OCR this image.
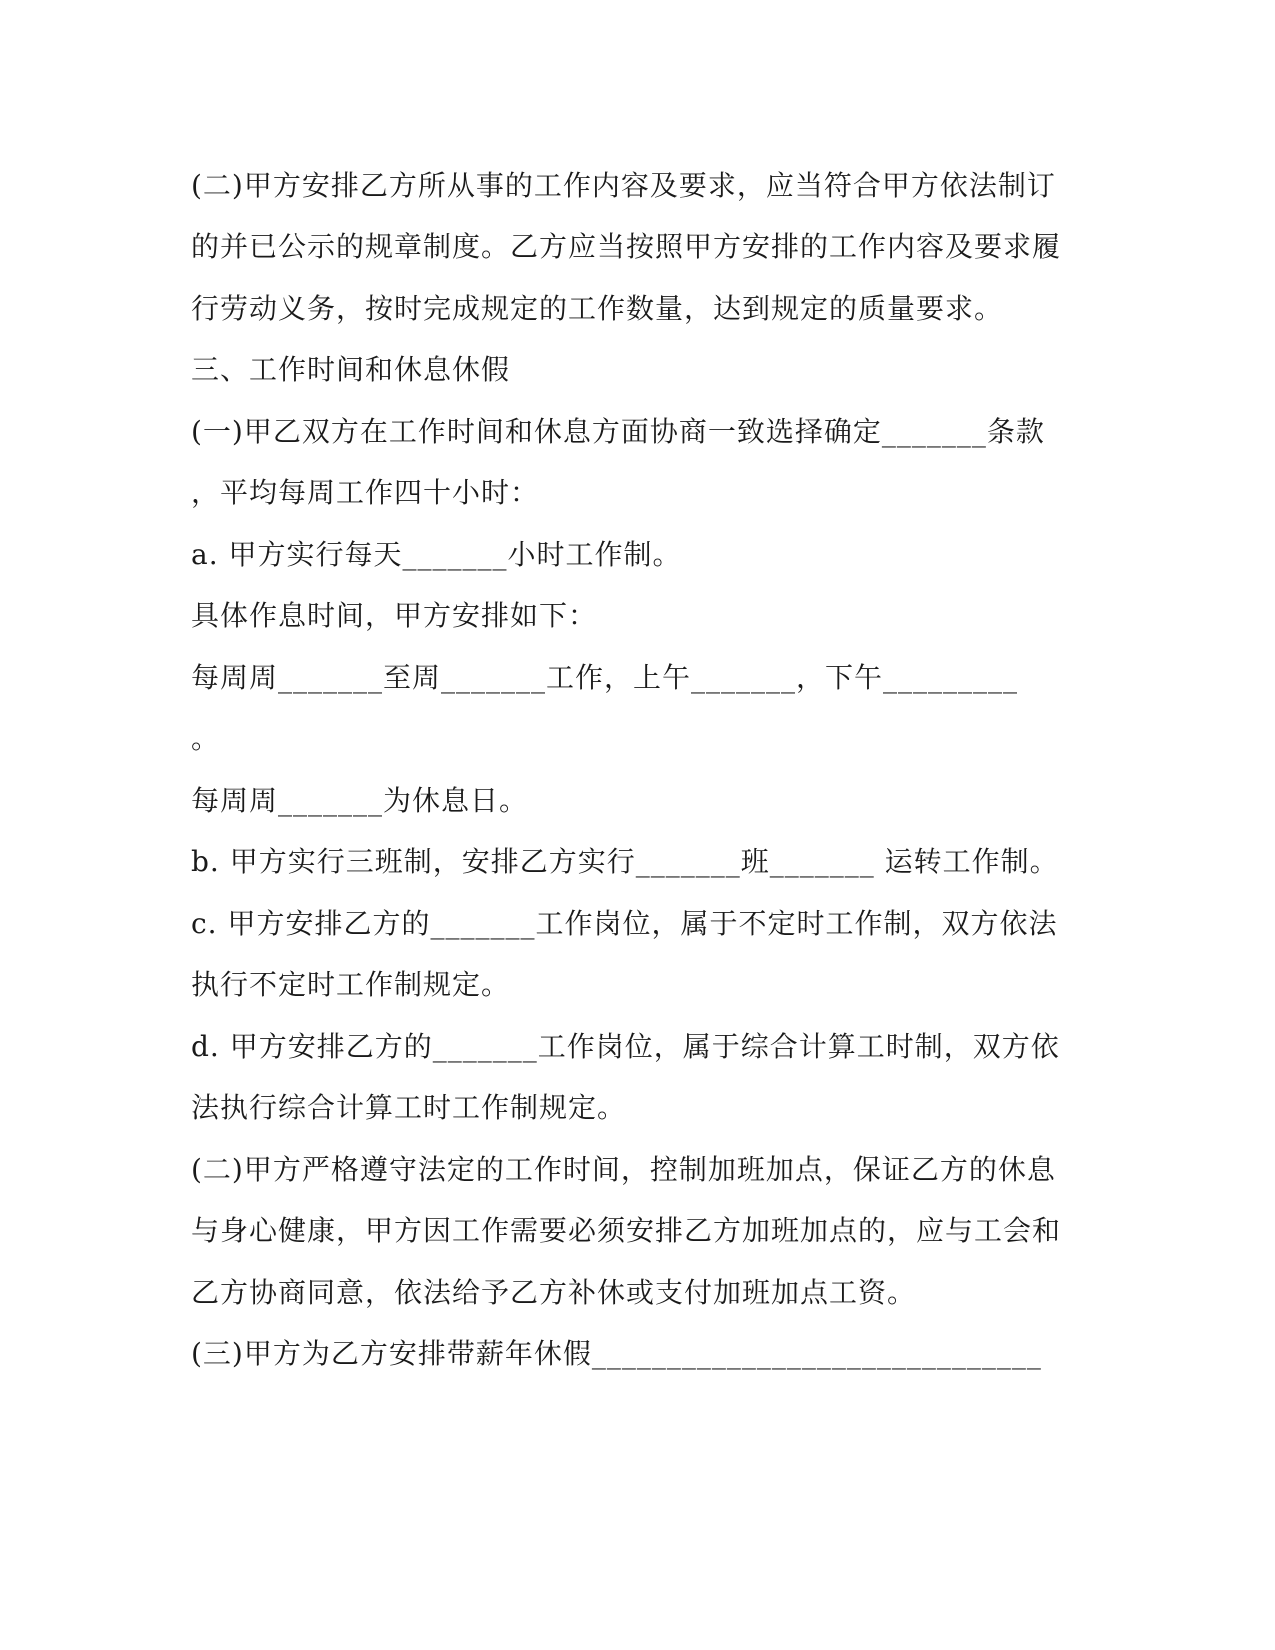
(二)甲方安排乙方所从事的工作内容及要求，应当符合甲方依法制订
的并已公示的规章制度。乙方应当按照甲方安排的工作内容及要求履
行劳动义务，按时完成规定的工作数量，达到规定的质量要求。
三、工作时间和休息休假
(一)甲乙双方在工作时间和休息方面协商一致选择确定_______条款
，平均每周工作四十小时：
a. 甲方实行每天_______小时工作制。
具体作息时间，甲方安排如下：
每周周_______至周_______工作，上午_______，下午_________
。
每周周_______为休息日。
b. 甲方实行三班制，安排乙方实行_______班_______ 运转工作制。
c. 甲方安排乙方的_______工作岗位，属于不定时工作制，双方依法
执行不定时工作制规定。
d. 甲方安排乙方的_______工作岗位，属于综合计算工时制，双方依
法执行综合计算工时工作制规定。
(二)甲方严格遵守法定的工作时间，控制加班加点，保证乙方的休息
与身心健康，甲方因工作需要必须安排乙方加班加点的，应与工会和
乙方协商同意，依法给予乙方补休或支付加班加点工资。
(三)甲方为乙方安排带薪年休假______________________________
